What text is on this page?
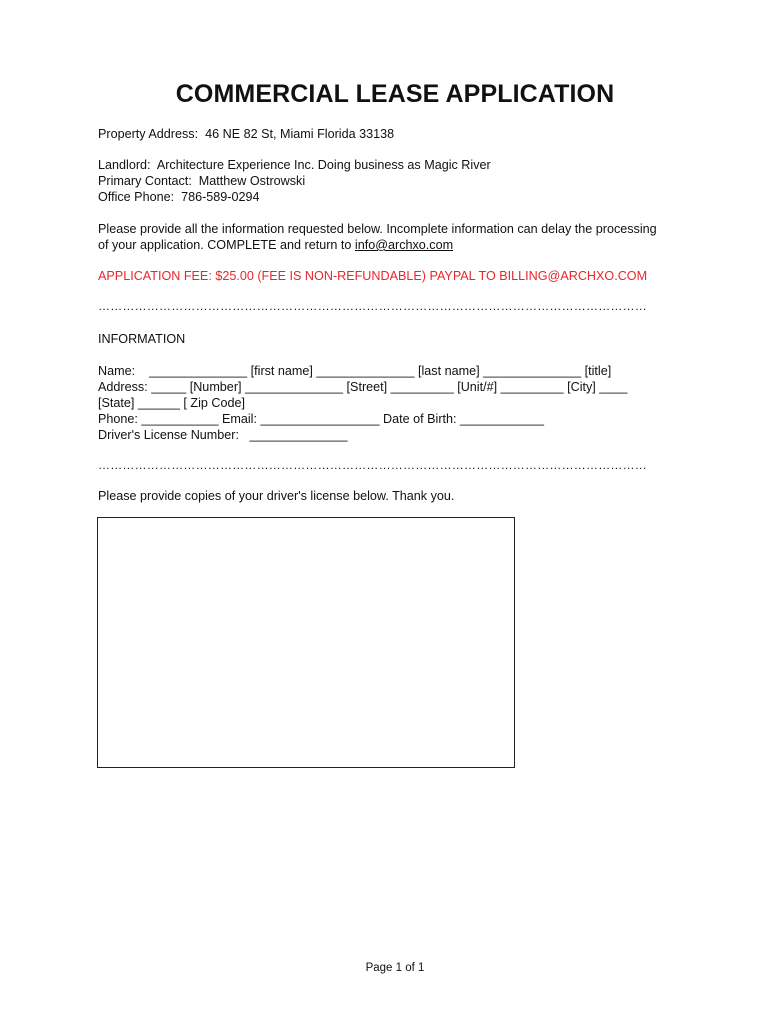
COMMERCIAL LEASE APPLICATION
Property Address:  46 NE 82 St, Miami Florida 33138
Landlord:  Architecture Experience Inc. Doing business as Magic River
Primary Contact:  Matthew Ostrowski
Office Phone:  786-589-0294
Please provide all the information requested below. Incomplete information can delay the processing
of your application. COMPLETE and return to info@archxo.com
APPLICATION FEE: $25.00 (FEE IS NON-REFUNDABLE) PAYPAL TO BILLING@ARCHXO.COM
………………………………………………………………………………………………………………………
INFORMATION
Name:    ______________ [first name] ______________ [last name] ______________ [title]
Address: _____ [Number] ______________ [Street] _________ [Unit/#] _________ [City] ____
[State] ______ [ Zip Code]
Phone: ___________ Email: _________________ Date of Birth: ____________
Driver's License Number:   ______________
………………………………………………………………………………………………………………………
Please provide copies of your driver's license below. Thank you.
Page 1 of 1
